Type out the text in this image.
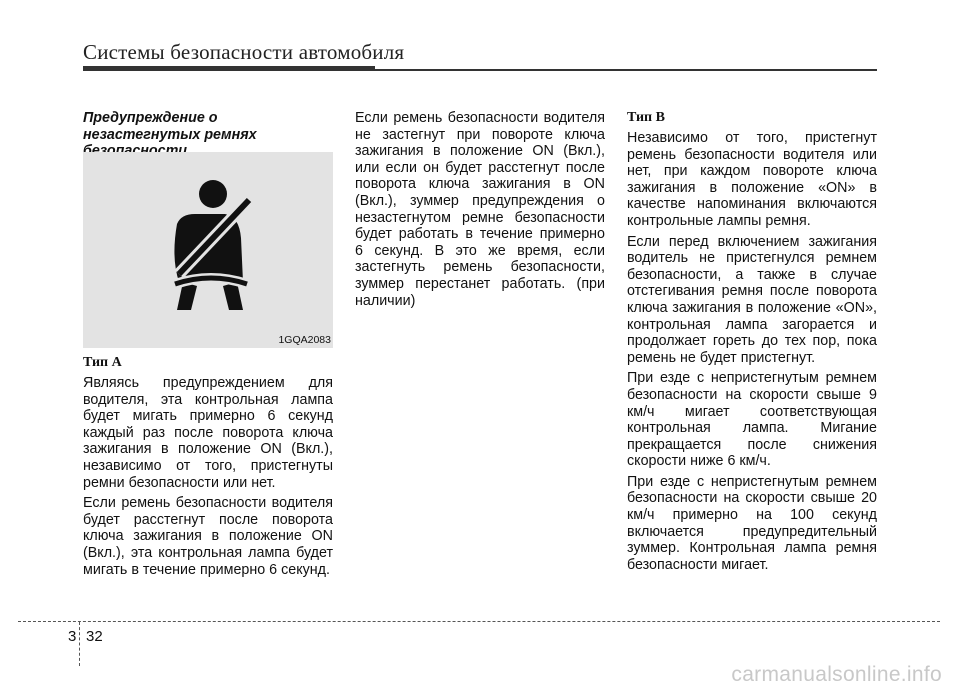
Системы безопасности автомобиля

Предупреждение о незастегнутых ремнях

1GQA2083

Тип A

Являясь предупреждением для водителя, эта контрольная лампа будет мигать примерно 6 секунд каждый раз после поворота ключа зажигания в положение ON (Вкл.), независимо от того, пристегнуты ремни безопасности или нет.

Если ремень безопасности водителя будет расстегнут после поворота ключа зажигания в положение ON (Вкл.), эта контрольная лампа будет мигать в течение примерно 6 секунд.

Если ремень безопасности водителя не застегнут при повороте ключа зажигания в положение ON (Вкл.), или если он будет расстегнут после поворота ключа зажигания в ON (Вкл.), зуммер предупреждения о незастегнутом ремне безопасности будет работать в течение примерно 6 секунд. В это же время, если застегнуть ремень безопасности, зуммер перестанет работать. (при наличии)

Тип B

Независимо от того, пристегнут ремень безопасности водителя или нет, при каждом повороте ключа зажигания в положение «ON» в качестве напоминания включаются контрольные лампы ремня.

Если перед включением зажигания водитель не пристегнулся ремнем безопасности, а также в случае отстегивания ремня после поворота ключа зажигания в положение «ON», контрольная лампа загорается и продолжает гореть до тех пор, пока ремень не будет пристегнут.

При езде с непристегнутым ремнем безопасности на скорости свыше 9 км/ч мигает соответствующая контрольная лампа. Мигание прекращается после снижения скорости ниже 6 км/ч.

При езде с непристегнутым ремнем безопасности на скорости свыше 20 км/ч примерно на 100 секунд включается предупредительный зуммер. Контрольная лампа ремня безопасности мигает.

3 32
carmanualsonline.info
